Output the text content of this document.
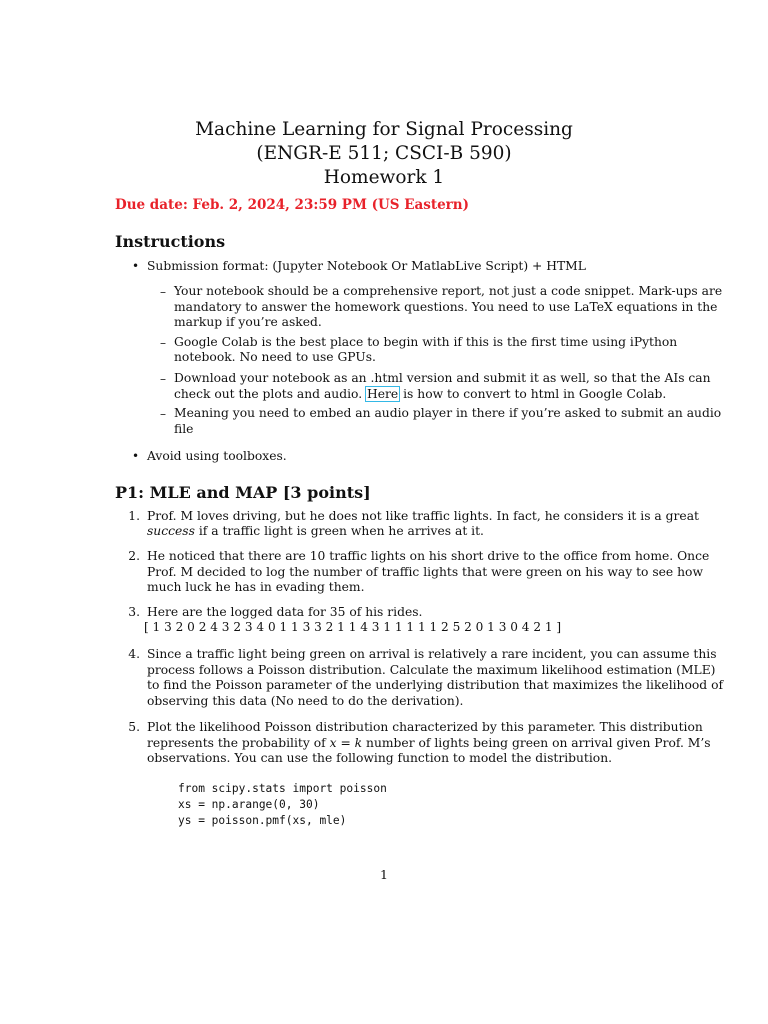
Machine Learning for Signal Processing
(ENGR-E 511; CSCI-B 590)
Homework 1
Due date: Feb. 2, 2024, 23:59 PM (US Eastern)
Instructions
• Submission format: (Jupyter Notebook Or MatlabLive Script) + HTML
– Your notebook should be a comprehensive report, not just a code snippet. Mark-ups are
mandatory to answer the homework questions. You need to use LaTeX equations in the
markup if you’re asked.
– Google Colab is the best place to begin with if this is the first time using iPython
notebook. No need to use GPUs.
– Download your notebook as an .html version and submit it as well, so that the AIs can
check out the plots and audio. Here is how to convert to html in Google Colab.
– Meaning you need to embed an audio player in there if you’re asked to submit an audio
file
• Avoid using toolboxes.
P1: MLE and MAP [3 points]
1. Prof. M loves driving, but he does not like traffic lights. In fact, he considers it is a great
success if a traffic light is green when he arrives at it.
2. He noticed that there are 10 traffic lights on his short drive to the office from home. Once
Prof. M decided to log the number of traffic lights that were green on his way to see how
much luck he has in evading them.
3. Here are the logged data for 35 of his rides.
[ 1 3 2 0 2 4 3 2 3 4 0 1 1 3 3 2 1 1 4 3 1 1 1 1 1 2 5 2 0 1 3 0 4 2 1 ]
4. Since a traffic light being green on arrival is relatively a rare incident, you can assume this
process follows a Poisson distribution. Calculate the maximum likelihood estimation (MLE)
to find the Poisson parameter of the underlying distribution that maximizes the likelihood of
observing this data (No need to do the derivation).
5. Plot the likelihood Poisson distribution characterized by this parameter. This distribution
represents the probability of x = k number of lights being green on arrival given Prof. M’s
observations. You can use the following function to model the distribution.
from scipy.stats import poisson
xs = np.arange(0, 30)
ys = poisson.pmf(xs, mle)
1
